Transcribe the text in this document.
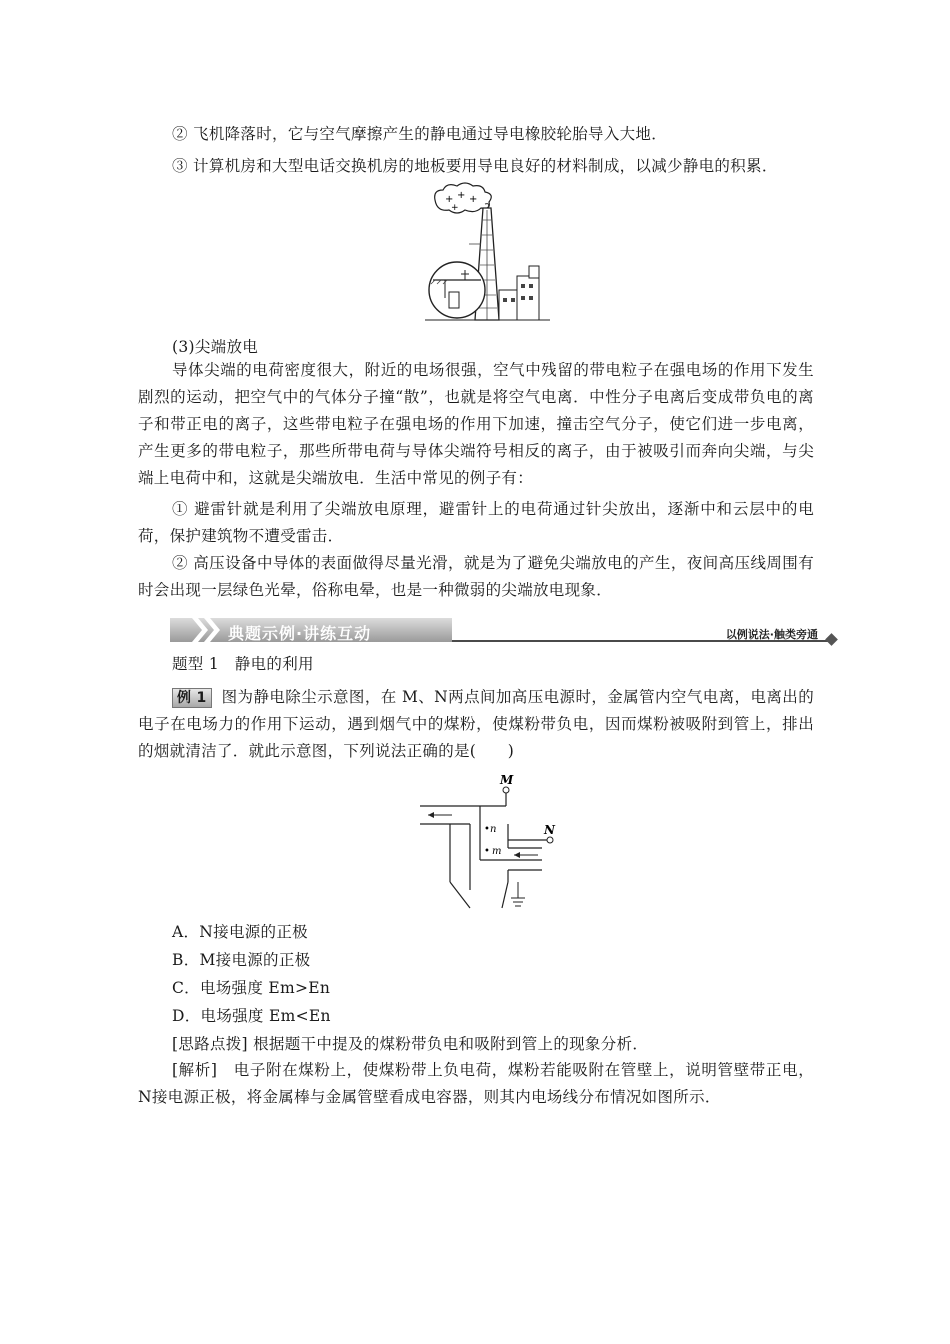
② 飞机降落时，它与空气摩擦产生的静电通过导电橡胶轮胎导入大地．
③ 计算机房和大型电话交换机房的地板要用导电良好的材料制成，以减少静电的积累．
+ + +
+
(3)尖端放电
导体尖端的电荷密度很大，附近的电场很强，空气中残留的带电粒子在强电场的作用下发生剧烈的运动，把空气中的气体分子撞“散”，也就是将空气电离．中性分子电离后变成带负电的离子和带正电的离子，这些带电粒子在强电场的作用下加速，撞击空气分子，使它们进一步电离，产生更多的带电粒子，那些所带电荷与导体尖端符号相反的离子，由于被吸引而奔向尖端，与尖端上电荷中和，这就是尖端放电．生活中常见的例子有：
① 避雷针就是利用了尖端放电原理，避雷针上的电荷通过针尖放出，逐渐中和云层中的电荷，保护建筑物不遭受雷击．
② 高压设备中导体的表面做得尽量光滑，就是为了避免尖端放电的产生，夜间高压线周围有时会出现一层绿色光晕，俗称电晕，也是一种微弱的尖端放电现象．
典题示例·讲练互动	以例说法·触类旁通
题型 1　静电的利用
例 1 图为静电除尘示意图，在 M、N两点间加高压电源时，金属管内空气电离，电离出的电子在电场力的作用下运动，遇到烟气中的煤粉，使煤粉带负电，因而煤粉被吸附到管上，排出的烟就清洁了．就此示意图，下列说法正确的是(　　)
M
N
• n
• m
A．N接电源的正极
B．M接电源的正极
C．电场强度 Em>En
D．电场强度 Em<En
[思路点拨] 根据题干中提及的煤粉带负电和吸附到管上的现象分析．
[解析]　电子附在煤粉上，使煤粉带上负电荷，煤粉若能吸附在管壁上，说明管壁带正电，N接电源正极，将金属棒与金属管壁看成电容器，则其内电场线分布情况如图所示．
